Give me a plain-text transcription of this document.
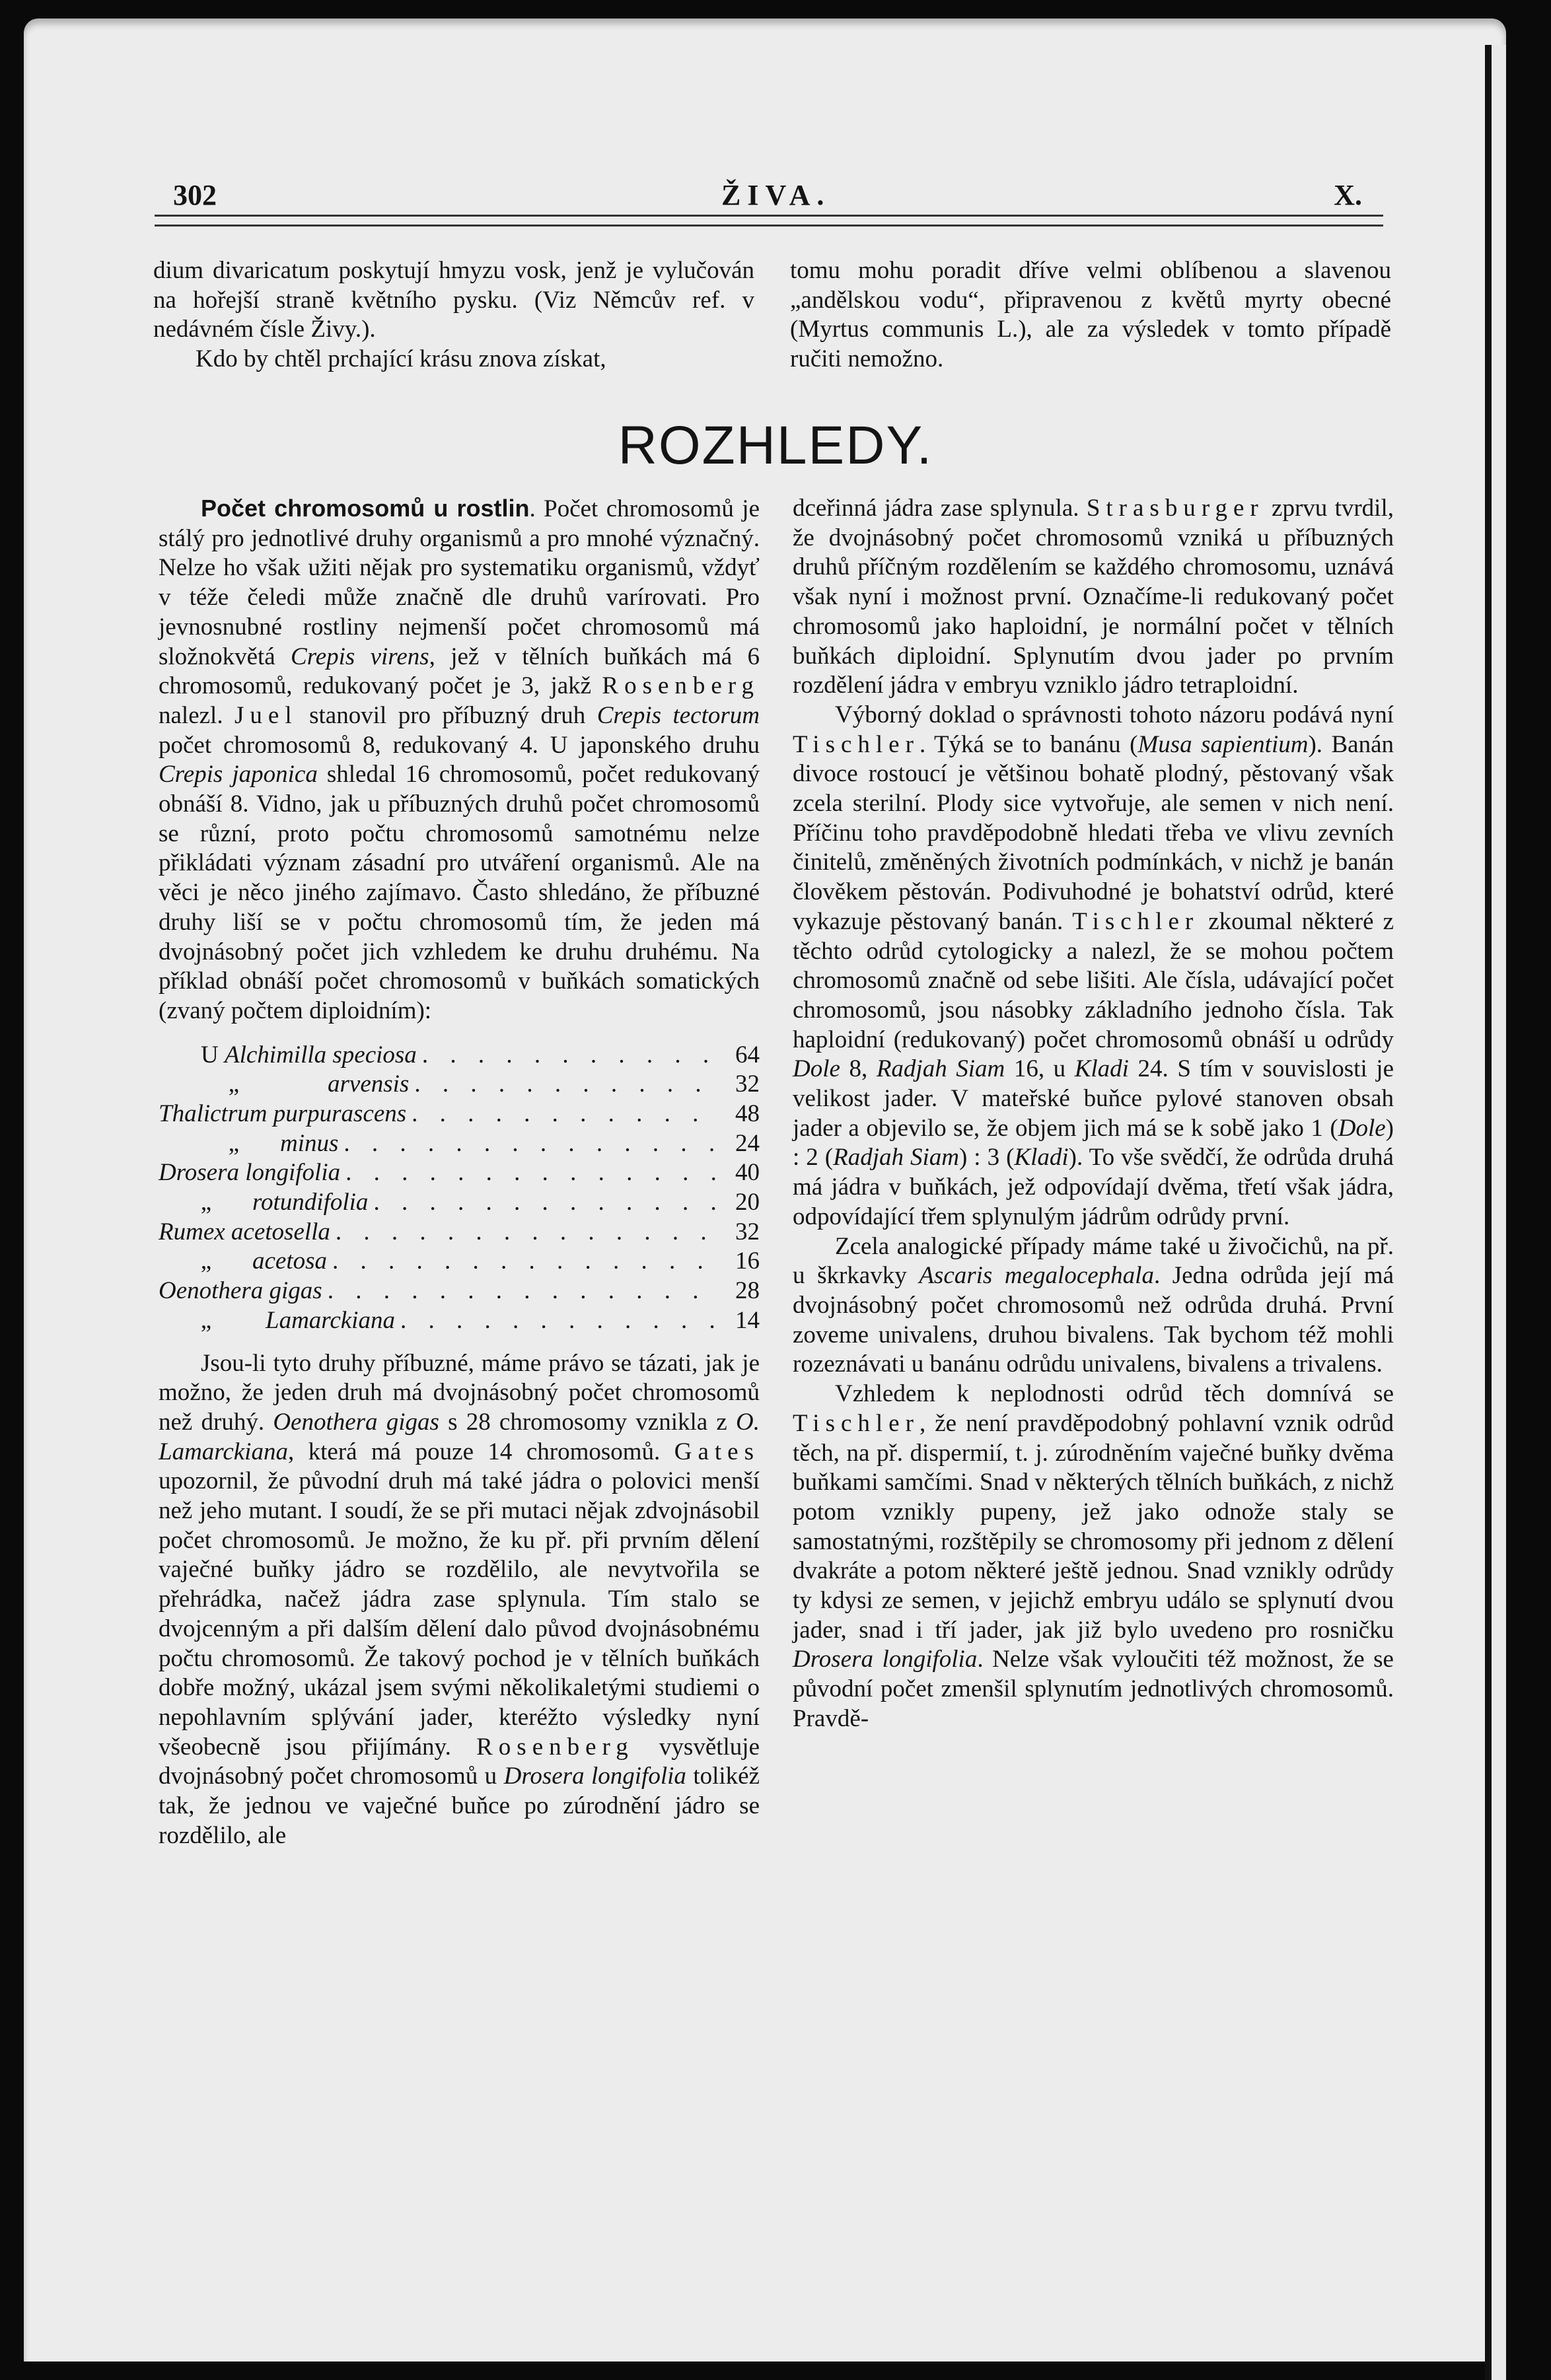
302	ŽIVA.	X.

dium divaricatum poskytují hmyzu vosk, jenž je vylučován na hořejší straně květního pysku. (Viz Němcův ref. v nedávném čísle Živy.).

Kdo by chtěl prchající krásu znova získat,

tomu mohu poradit dříve velmi oblíbenou a slavenou „andělskou vodu“, připravenou z květů myrty obecné (Myrtus communis L.), ale za výsledek v tomto případě ručiti nemožno.

ROZHLEDY.

Počet chromosomů u rostlin. Počet chromosomů je stálý pro jednotlivé druhy organismů a pro mnohé význačný. Nelze ho však užiti nějak pro systematiku organismů, vždyť v téže čeledi může značně dle druhů varírovati. Pro jevnosnubné rostliny nejmenší počet chromosomů má složnokvětá Crepis virens, jež v tělních buňkách má 6 chromosomů, redukovaný počet je 3, jakž Rosenberg nalezl. Juel stanovil pro příbuzný druh Crepis tectorum počet chromosomů 8, redukovaný 4. U japonského druhu Crepis japonica shledal 16 chromosomů, počet redukovaný obnáší 8. Vidno, jak u příbuzných druhů počet chromosomů se různí, proto počtu chromosomů samotnému nelze přikládati význam zásadní pro utváření organismů. Ale na věci je něco jiného zajímavo. Často shledáno, že příbuzné druhy liší se v počtu chromosomů tím, že jeden má dvojnásobný počet jich vzhledem ke druhu druhému. Na příklad obnáší počet chromosomů v buňkách somatických (zvaný počtem diploidním):

U Alchimilla speciosa . . .	64
„	arvensis . . .	32
Thalictrum purpurascens . . .	48
„ minus . . .	24
Drosera longifolia . . .	40
„ rotundifolia . . .	20
Rumex acetosella . . .	32
„ acetosa . . .	16
Oenothera gigas . . .	28
„ Lamarckiana . . .	14

Jsou-li tyto druhy příbuzné, máme právo se tázati, jak je možno, že jeden druh má dvojnásobný počet chromosomů než druhý. Oenothera gigas s 28 chromosomy vznikla z O. Lamarckiana, která má pouze 14 chromosomů. Gates upozornil, že původní druh má také jádra o polovici menší než jeho mutant. I soudí, že se při mutaci nějak zdvojnásobil počet chromosomů. Je možno, že ku př. při prvním dělení vaječné buňky jádro se rozdělilo, ale nevytvořila se přehrádka, načež jádra zase splynula. Tím stalo se dvojcenným a při dalším dělení dalo původ dvojnásobnému počtu chromosomů. Že takový pochod je v tělních buňkách dobře možný, ukázal jsem svými několikaletými studiemi o nepohlavním splývání jader, kteréžto výsledky nyní všeobecně jsou přijímány. Rosenberg vysvětluje dvojnásobný počet chromosomů u Drosera longifolia tolikéž tak, že jednou ve vaječné buňce po zúrodnění jádro se rozdělilo, ale

dceřinná jádra zase splynula. Strasburger zprvu tvrdil, že dvojnásobný počet chromosomů vzniká u příbuzných druhů příčným rozdělením se každého chromosomu, uznává však nyní i možnost první. Označíme-li redukovaný počet chromosomů jako haploidní, je normální počet v tělních buňkách diploidní. Splynutím dvou jader po prvním rozdělení jádra v embryu vzniklo jádro tetraploidní.

Výborný doklad o správnosti tohoto názoru podává nyní Tischler. Týká se to banánu (Musa sapientium). Banán divoce rostoucí je většinou bohatě plodný, pěstovaný však zcela sterilní. Plody sice vytvořuje, ale semen v nich není. Příčinu toho pravděpodobně hledati třeba ve vlivu zevních činitelů, změněných životních podmínkách, v nichž je banán člověkem pěstován. Podivuhodné je bohatství odrůd, které vykazuje pěstovaný banán. Tischler zkoumal některé z těchto odrůd cytologicky a nalezl, že se mohou počtem chromosomů značně od sebe lišiti. Ale čísla, udávající počet chromosomů, jsou násobky základního jednoho čísla. Tak haploidní (redukovaný) počet chromosomů obnáší u odrůdy Dole 8, Radjah Siam 16, u Kladi 24. S tím v souvislosti je velikost jader. V mateřské buňce pylové stanoven obsah jader a objevilo se, že objem jich má se k sobě jako 1 (Dole) : 2 (Radjah Siam) : 3 (Kladi). To vše svědčí, že odrůda druhá má jádra v buňkách, jež odpovídají dvěma, třetí však jádra, odpovídající třem splynulým jádrům odrůdy první.

Zcela analogické případy máme také u živočichů, na př. u škrkavky Ascaris megalocephala. Jedna odrůda její má dvojnásobný počet chromosomů než odrůda druhá. První zoveme univalens, druhou bivalens. Tak bychom též mohli rozeznávati u banánu odrůdu univalens, bivalens a trivalens.

Vzhledem k neplodnosti odrůd těch domnívá se Tischler, že není pravděpodobný pohlavní vznik odrůd těch, na př. dispermií, t. j. zúrodněním vaječné buňky dvěma buňkami samčími. Snad v některých tělních buňkách, z nichž potom vznikly pupeny, jež jako odnože staly se samostatnými, rozštěpily se chromosomy při jednom z dělení dvakráte a potom některé ještě jednou. Snad vznikly odrůdy ty kdysi ze semen, v jejichž embryu událo se splynutí dvou jader, snad i tří jader, jak již bylo uvedeno pro rosničku Drosera longifolia. Nelze však vyloučiti též možnost, že se původní počet zmenšil splynutím jednotlivých chromosomů. Pravdě-
